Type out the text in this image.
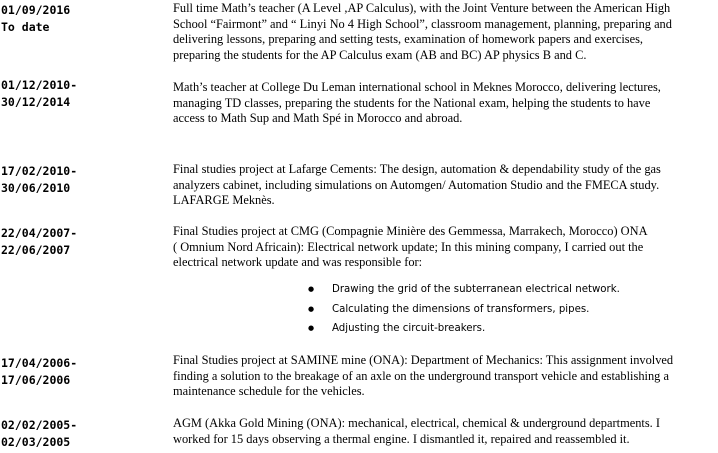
01/09/2016
To date
Full time Math’s teacher (A Level ,AP Calculus), with the Joint Venture between the American High
School “Fairmont” and “ Linyi No 4 High School”, classroom management, planning, preparing and
delivering lessons, preparing and setting tests, examination of homework papers and exercises,
preparing the students for the AP Calculus exam (AB and BC) AP physics B and C.
01/12/2010-
30/12/2014
Math’s teacher at College Du Leman international school in Meknes Morocco, delivering lectures,
managing TD classes, preparing the students for the National exam, helping the students to have
access to Math Sup and Math Spé in Morocco and abroad.
17/02/2010-
30/06/2010
Final studies project at Lafarge Cements: The design, automation & dependability study of the gas
analyzers cabinet, including simulations on Automgen/ Automation Studio and the FMECA study.
LAFARGE Meknès.
22/04/2007-
22/06/2007
Final Studies project at CMG (Compagnie Minière des Gemmessa, Marrakech, Morocco) ONA
( Omnium Nord Africain): Electrical network update; In this mining company, I carried out the
electrical network update and was responsible for:
● Drawing the grid of the subterranean electrical network.
● Calculating the dimensions of transformers, pipes.
● Adjusting the circuit-breakers.
17/04/2006-
17/06/2006
Final Studies project at SAMINE mine (ONA): Department of Mechanics: This assignment involved
finding a solution to the breakage of an axle on the underground transport vehicle and establishing a
maintenance schedule for the vehicles.
02/02/2005-
02/03/2005
AGM (Akka Gold Mining (ONA): mechanical, electrical, chemical & underground departments. I
worked for 15 days observing a thermal engine. I dismantled it, repaired and reassembled it.
